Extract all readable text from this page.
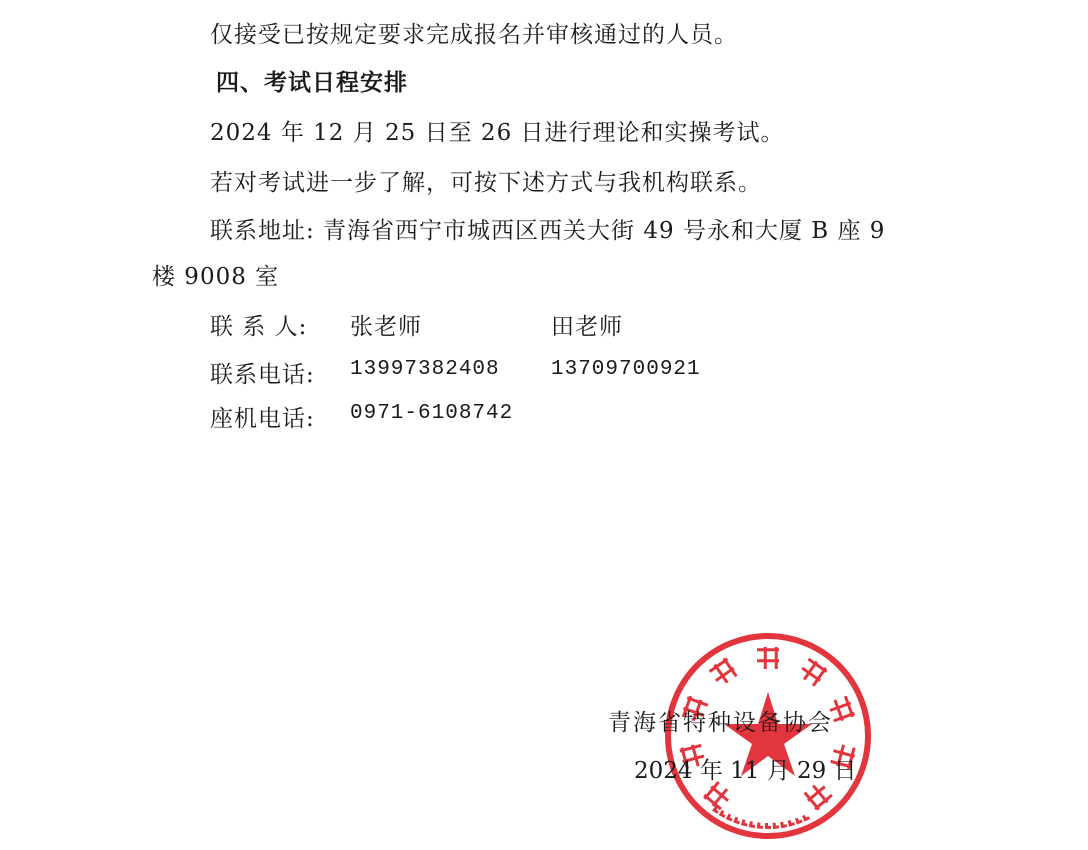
仅接受已按规定要求完成报名并审核通过的人员。
四、考试日程安排
2024 年 12 月 25 日至 26 日进行理论和实操考试。
若对考试进一步了解，可按下述方式与我机构联系。
联系地址: 青海省西宁市城西区西关大街 49 号永和大厦 B 座 9
楼 9008 室
联 系 人: 张老师	田老师
联系电话: 13997382408 13709700921
座机电话: 0971-6108742
青海省特种设备协会
2024 年 11 月 29 日
